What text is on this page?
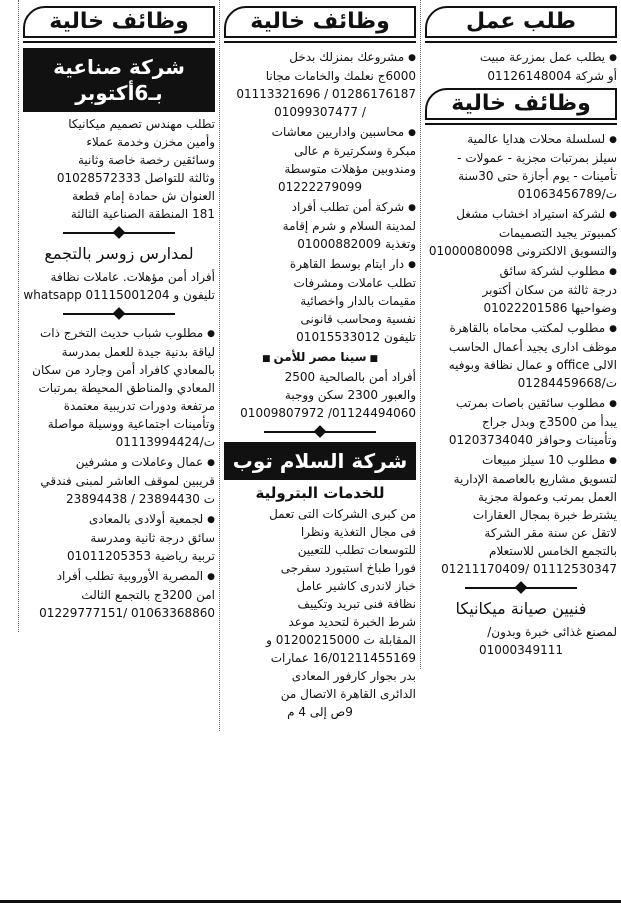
طلب عمل
● يطلب عمل بمزرعة مبيت
أو شركة 01126148004
وظائف خالية
● لسلسلة محلات هدايا عالمية
سيلز بمرتبات مجزية - عمولات -
تأمينات - يوم أجازة حتى 30سنة
ت/01063456789
● لشركة استيراد اخشاب مشغل
كمبيوتر يجيد التصميمات
والتسويق الالكترونى 01000080098
● مطلوب لشركة سائق
درجة ثالثة من سكان أكتوبر
وضواحيها 01022201586
● مطلوب لمكتب محاماه بالقاهرة
موظف ادارى يجيد أعمال الحاسب
الالى office و عمال نظافة وبوفيه
ت/01284459668
● مطلوب سائقين باصات بمرتب
يبدأ من 3500ج وبدل جراج
وتأمينات وحوافز 01203734040
● مطلوب 10 سيلز مبيعات
لتسويق مشاريع بالعاصمة الإدارية
العمل بمرتب وعمولة مجزية
يشترط خبرة بمجال العقارات
لاتقل عن سنة مقر الشركة
بالتجمع الخامس للاستعلام
01112530347 /01211170409
فنيين صيانة ميكانيكا
لمصنع غذائى خبرة وبدون/
01000349111
وظائف خالية
● مشروعك بمنزلك بدخل
6000ج نعلمك والخامات مجانا
01286176187 / 01113321696
/ 01099307477
● محاسبين واداريين معاشات
مبكرة وسكرتيرة م عالى
ومندوبين مؤهلات متوسطة
01222279099
● شركة أمن تطلب أفراد
لمدينة السلام و شرم إقامة
وتغذية 01000882009
● دار ايتام بوسط القاهرة
تطلب عاملات ومشرفات
مقيمات بالدار واخصائية
نفسية ومحاسب قانونى
تليفون 01015533012
■ سينا مصر للأمن ■
أفراد أمن بالصالحية 2500
والعبور 2300 سكن ووجبة
01124494060/ 01009807972
شركة السلام توب
للخدمات البترولية
من كبرى الشركات التى تعمل
فى مجال التغذية ونظرا
للتوسعات تطلب للتعيين
فورا طباخ استيورد سفرجى
خباز لاندرى كاشير عامل
نظافة فنى تبريد وتكييف
شرط الخبرة لتحديد موعد
المقابلة ت 01200215000 و
16/01211455169 عمارات
بدر بجوار كارفور المعادى
الدائرى القاهرة الاتصال من
9ص إلى 4 م
وظائف خالية
شركة صناعية بـ6أكتوبر
تطلب مهندس تصميم ميكانيكا
وأمين مخزن وخدمة عملاء
وسائقين رخصة خاصة وثانية
وثالثة للتواصل 01028572333
العنوان ش حمادة إمام قطعة
181 المنطقة الصناعية الثالثة
لمدارس زوسر بالتجمع
أفراد أمن مؤهلات. عاملات نظافة
تليفون و whatsapp 01115001204
● مطلوب شباب حديث التخرج ذات
لياقة بدنية جيدة للعمل بمدرسة
بالمعادي كافراد أمن وجارد من سكان
المعادي والمناطق المحيطة بمرتبات
مرتفعة ودورات تدريبية معتمدة
وتأمينات اجتماعية ووسيلة مواصلة
ت/01113994424
● عمال وعاملات و مشرفين
قريبين لموقف العاشر لمبنى فندقي
ت 23894430 / 23894438
● لجمعية أولادى بالمعادى
سائق درجة ثانية ومدرسة
تربية رياضية 01011205353
● المصرية الأوروبية تطلب أفراد
امن 3200ج بالتجمع الثالث
01063368860 /01229777151
